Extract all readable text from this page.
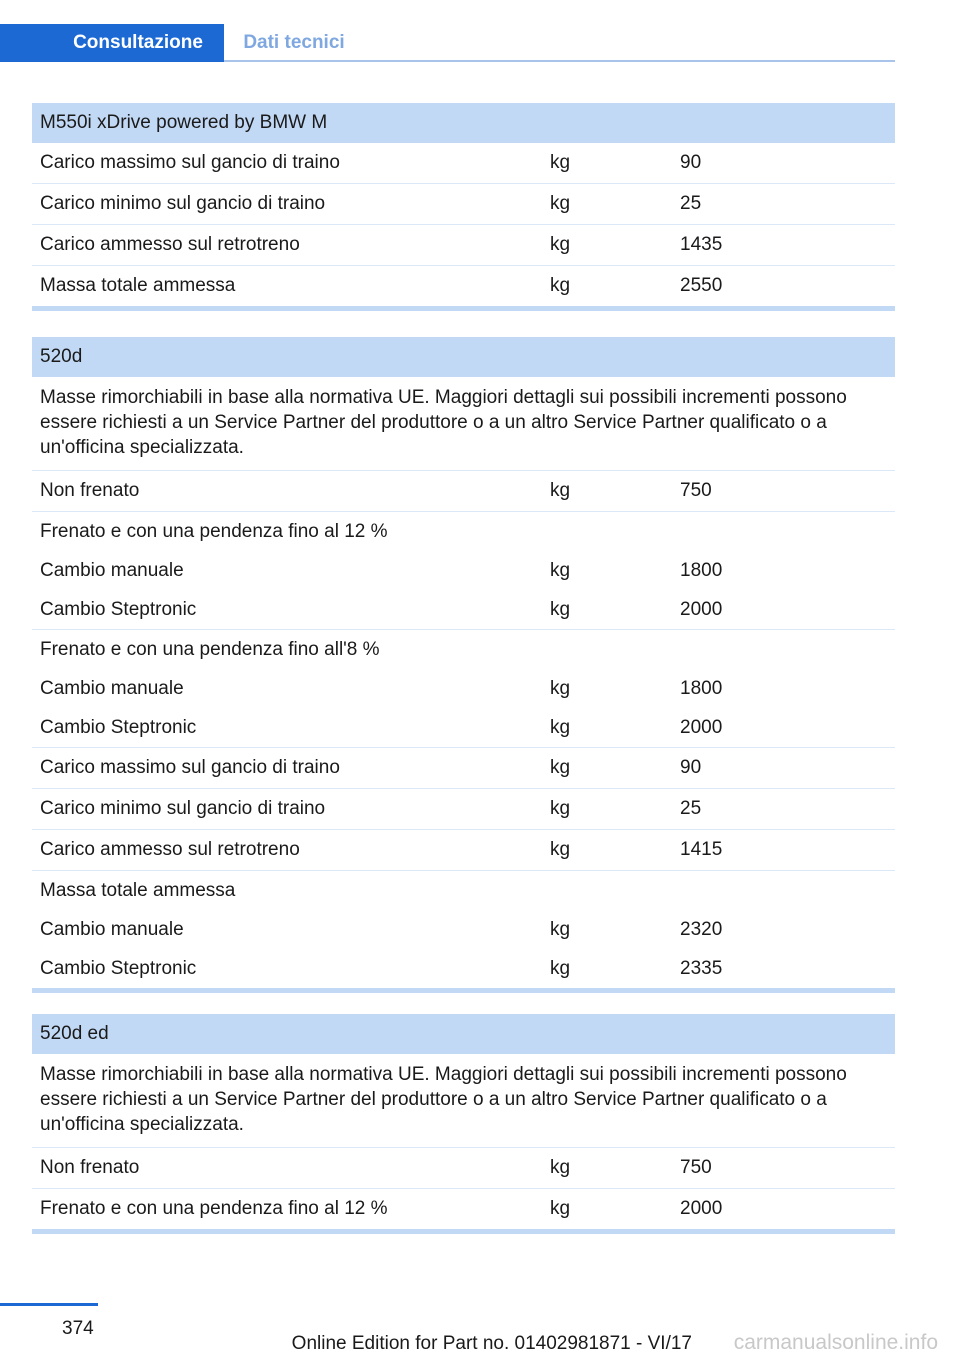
Consultazione	Dati tecnici
M550i xDrive powered by BMW M
Carico massimo sul gancio di traino	kg	90
Carico minimo sul gancio di traino	kg	25
Carico ammesso sul retrotreno	kg	1435
Massa totale ammessa	kg	2550
520d
Masse rimorchiabili in base alla normativa UE. Maggiori dettagli sui possibili incrementi possono essere richiesti a un Service Partner del produttore o a un altro Service Partner qualificato o a un'officina specializzata.
Non frenato	kg	750
Frenato e con una pendenza fino al 12 %
Cambio manuale	kg	1800
Cambio Steptronic	kg	2000
Frenato e con una pendenza fino all'8 %
Cambio manuale	kg	1800
Cambio Steptronic	kg	2000
Carico massimo sul gancio di traino	kg	90
Carico minimo sul gancio di traino	kg	25
Carico ammesso sul retrotreno	kg	1415
Massa totale ammessa
Cambio manuale	kg	2320
Cambio Steptronic	kg	2335
520d ed
Masse rimorchiabili in base alla normativa UE. Maggiori dettagli sui possibili incrementi possono essere richiesti a un Service Partner del produttore o a un altro Service Partner qualificato o a un'officina specializzata.
Non frenato	kg	750
Frenato e con una pendenza fino al 12 %	kg	2000
374
Online Edition for Part no. 01402981871 - VI/17 carmanualsonline.info
